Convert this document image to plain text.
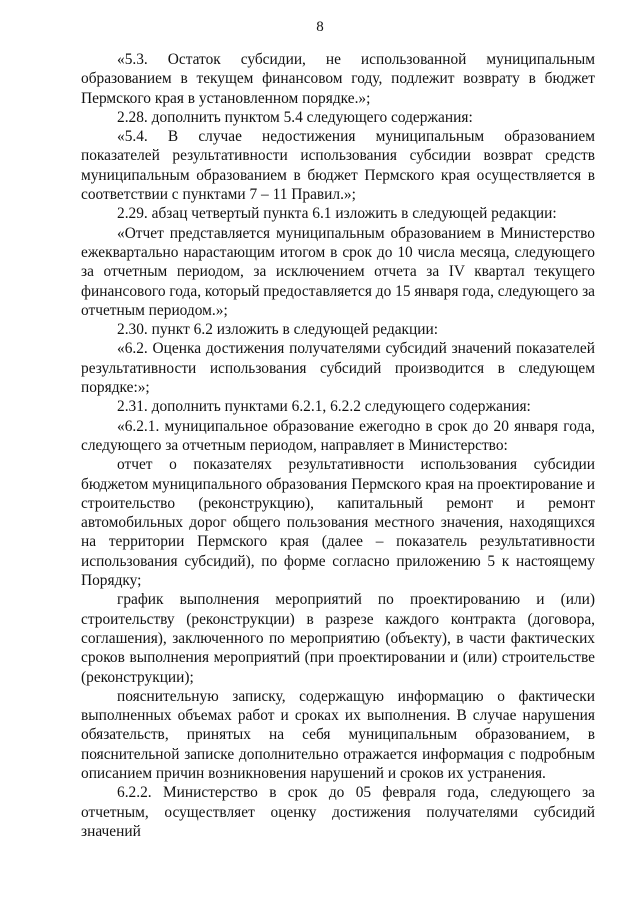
8

«5.3. Остаток субсидии, не использованной муниципальным образованием в текущем финансовом году, подлежит возврату в бюджет Пермского края в установленном порядке.»;

2.28. дополнить пунктом 5.4 следующего содержания:

«5.4. В случае недостижения муниципальным образованием показателей результативности использования субсидии возврат средств муниципальным образованием в бюджет Пермского края осуществляется в соответствии с пунктами 7 – 11 Правил.»;

2.29. абзац четвертый пункта 6.1 изложить в следующей редакции:

«Отчет представляется муниципальным образованием в Министерство ежеквартально нарастающим итогом в срок до 10 числа месяца, следующего за отчетным периодом, за исключением отчета за IV квартал текущего финансового года, который предоставляется до 15 января года, следующего за отчетным периодом.»;

2.30. пункт 6.2 изложить в следующей редакции:

«6.2. Оценка достижения получателями субсидий значений показателей результативности использования субсидий производится в следующем порядке:»;

2.31. дополнить пунктами 6.2.1, 6.2.2 следующего содержания:

«6.2.1. муниципальное образование ежегодно в срок до 20 января года, следующего за отчетным периодом, направляет в Министерство:

отчет о показателях результативности использования субсидии бюджетом муниципального образования Пермского края на проектирование и строительство (реконструкцию), капитальный ремонт и ремонт автомобильных дорог общего пользования местного значения, находящихся на территории Пермского края (далее – показатель результативности использования субсидий), по форме согласно приложению 5 к настоящему Порядку;

график выполнения мероприятий по проектированию и (или) строительству (реконструкции) в разрезе каждого контракта (договора, соглашения), заключенного по мероприятию (объекту), в части фактических сроков выполнения мероприятий (при проектировании и (или) строительстве (реконструкции);

пояснительную записку, содержащую информацию о фактически выполненных объемах работ и сроках их выполнения. В случае нарушения обязательств, принятых на себя муниципальным образованием, в пояснительной записке дополнительно отражается информация с подробным описанием причин возникновения нарушений и сроков их устранения.

6.2.2. Министерство в срок до 05 февраля года, следующего за отчетным, осуществляет оценку достижения получателями субсидий значений
